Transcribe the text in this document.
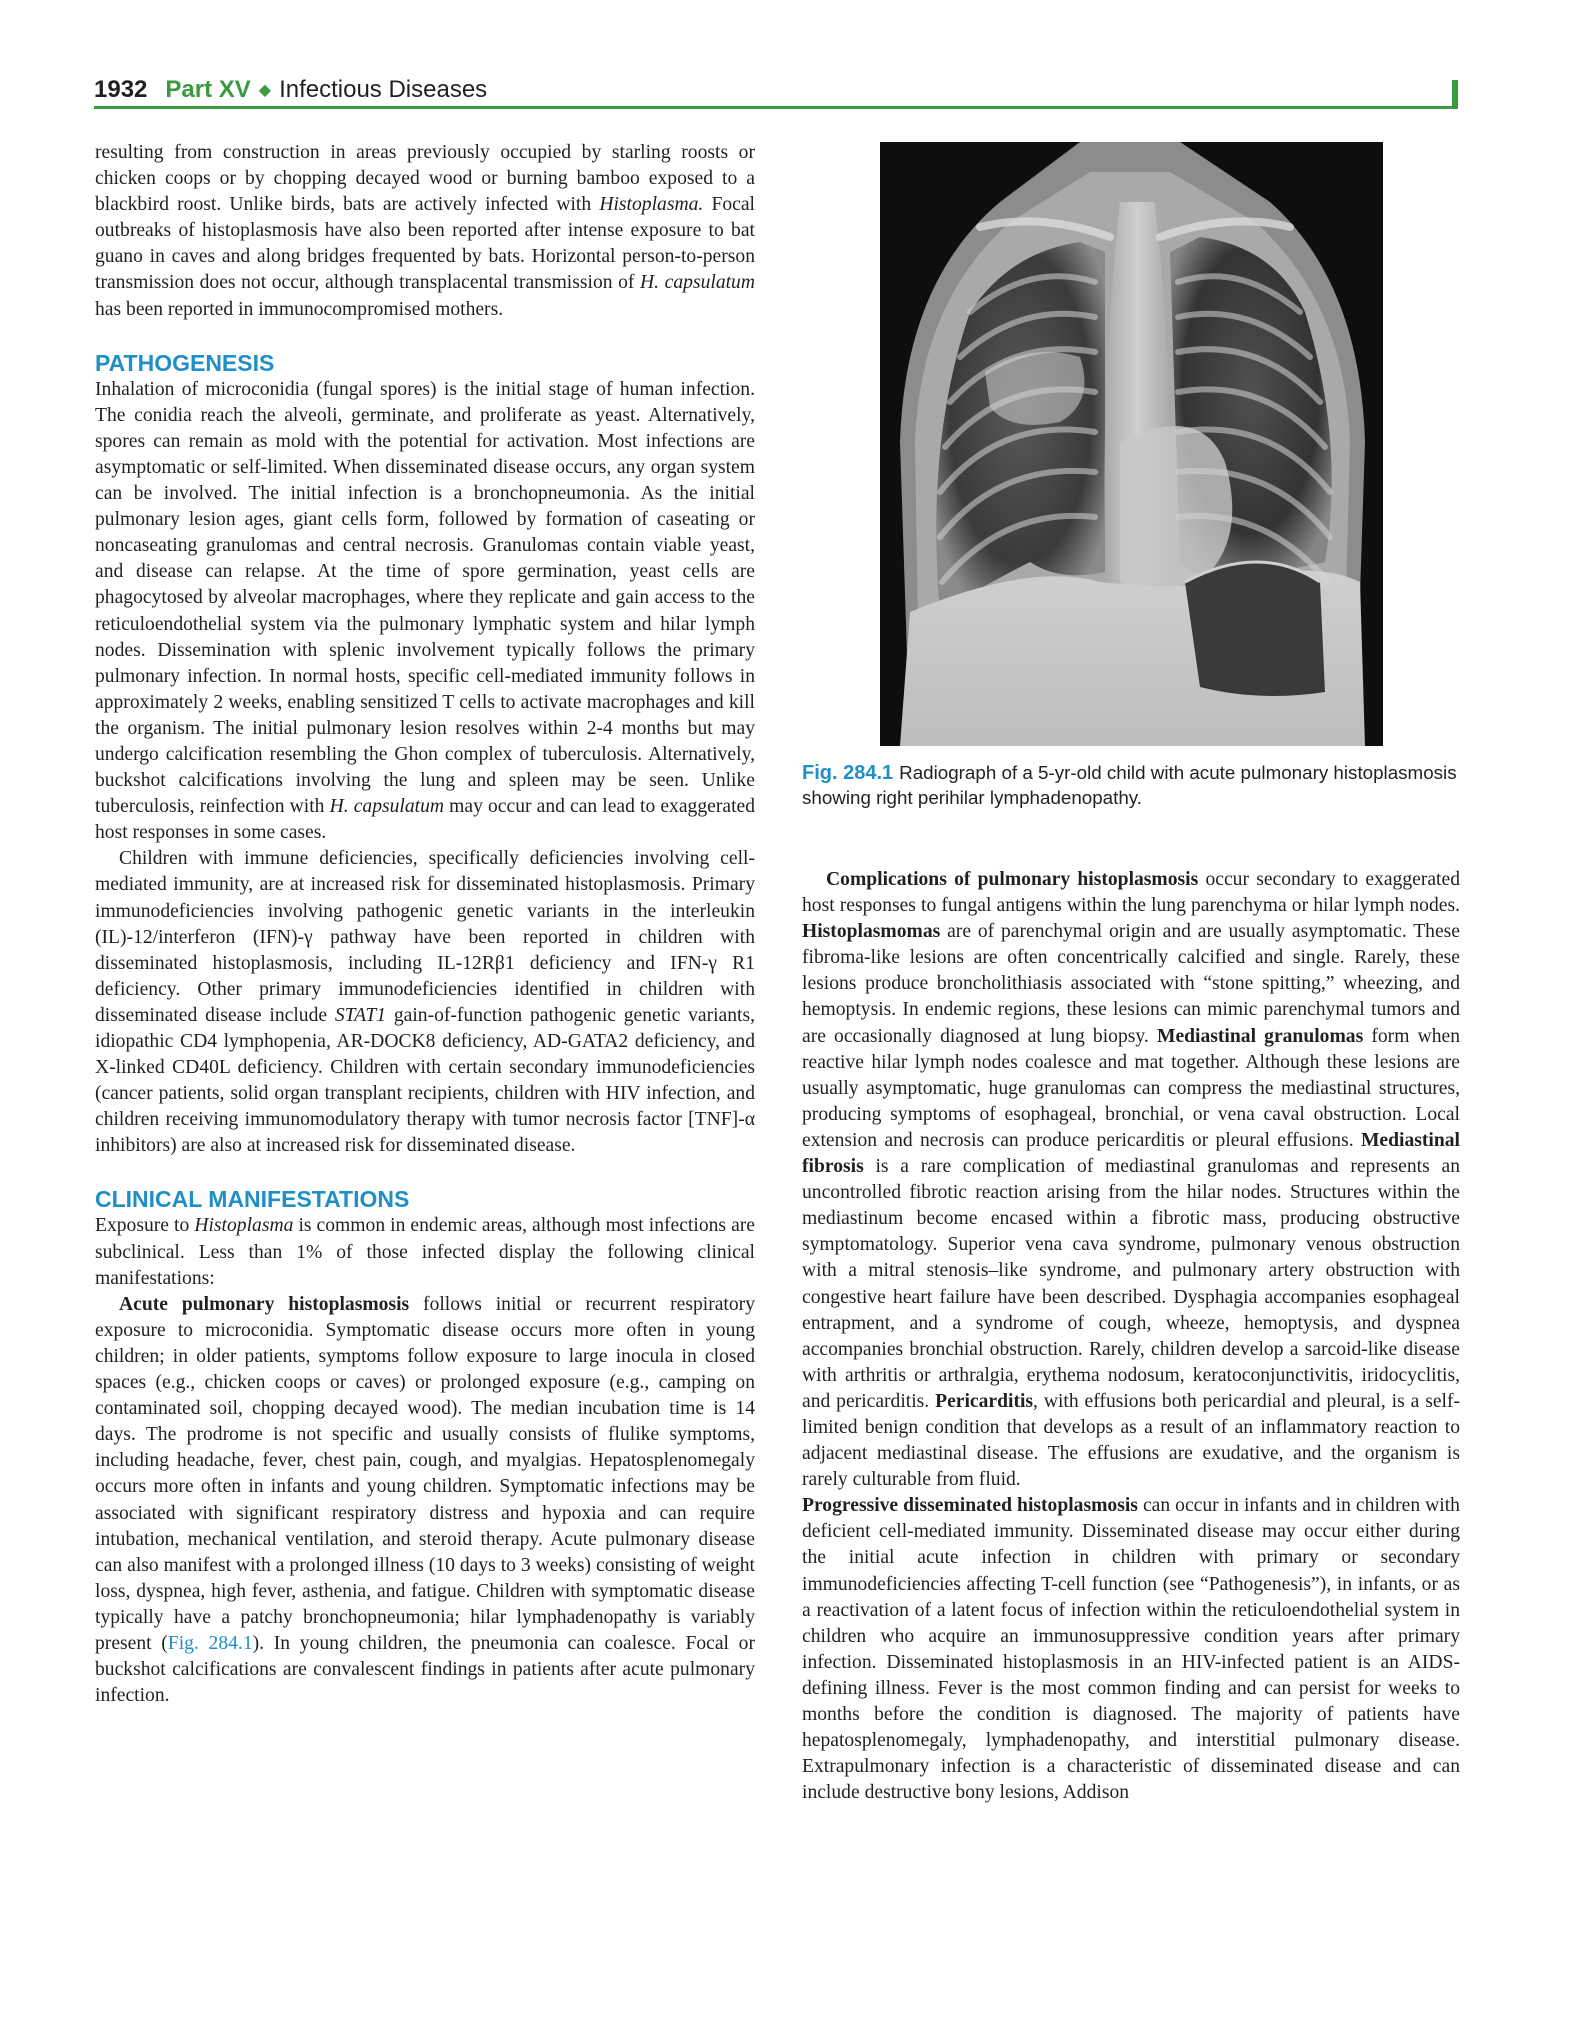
1932 Part XV ◆ Infectious Diseases

resulting from construction in areas previously occupied by starling roosts or chicken coops or by chopping decayed wood or burning bamboo exposed to a blackbird roost. Unlike birds, bats are actively infected with Histoplasma. Focal outbreaks of histoplasmosis have also been reported after intense exposure to bat guano in caves and along bridges frequented by bats. Horizontal person-to-person transmission does not occur, although transplacental transmission of H. capsulatum has been reported in immunocompromised mothers.

PATHOGENESIS

Inhalation of microconidia (fungal spores) is the initial stage of human infection. The conidia reach the alveoli, germinate, and proliferate as yeast. Alternatively, spores can remain as mold with the potential for activation. Most infections are asymptomatic or self-limited. When disseminated disease occurs, any organ system can be involved. The initial infection is a bronchopneumonia. As the initial pulmonary lesion ages, giant cells form, followed by formation of caseating or noncaseating granulomas and central necrosis. Granulomas contain viable yeast, and disease can relapse. At the time of spore germination, yeast cells are phagocytosed by alveolar macrophages, where they replicate and gain access to the reticuloendothelial system via the pulmonary lymphatic system and hilar lymph nodes. Dissemination with splenic involvement typically follows the primary pulmonary infection. In normal hosts, specific cell-mediated immunity follows in approximately 2 weeks, enabling sensitized T cells to activate macrophages and kill the organism. The initial pulmonary lesion resolves within 2-4 months but may undergo calcification resembling the Ghon complex of tuberculosis. Alternatively, buckshot calcifications involving the lung and spleen may be seen. Unlike tuberculosis, reinfection with H. capsulatum may occur and can lead to exaggerated host responses in some cases.

Children with immune deficiencies, specifically deficiencies involving cell-mediated immunity, are at increased risk for disseminated histoplasmosis. Primary immunodeficiencies involving pathogenic genetic variants in the interleukin (IL)-12/interferon (IFN)-γ pathway have been reported in children with disseminated histoplasmosis, including IL-12Rβ1 deficiency and IFN-γ R1 deficiency. Other primary immunodeficiencies identified in children with disseminated disease include STAT1 gain-of-function pathogenic genetic variants, idiopathic CD4 lymphopenia, AR-DOCK8 deficiency, AD-GATA2 deficiency, and X-linked CD40L deficiency. Children with certain secondary immunodeficiencies (cancer patients, solid organ transplant recipients, children with HIV infection, and children receiving immunomodulatory therapy with tumor necrosis factor [TNF]-α inhibitors) are also at increased risk for disseminated disease.

CLINICAL MANIFESTATIONS

Exposure to Histoplasma is common in endemic areas, although most infections are subclinical. Less than 1% of those infected display the following clinical manifestations:

Acute pulmonary histoplasmosis follows initial or recurrent respiratory exposure to microconidia. Symptomatic disease occurs more often in young children; in older patients, symptoms follow exposure to large inocula in closed spaces (e.g., chicken coops or caves) or prolonged exposure (e.g., camping on contaminated soil, chopping decayed wood). The median incubation time is 14 days. The prodrome is not specific and usually consists of flulike symptoms, including headache, fever, chest pain, cough, and myalgias. Hepatosplenomegaly occurs more often in infants and young children. Symptomatic infections may be associated with significant respiratory distress and hypoxia and can require intubation, mechanical ventilation, and steroid therapy. Acute pulmonary disease can also manifest with a prolonged illness (10 days to 3 weeks) consisting of weight loss, dyspnea, high fever, asthenia, and fatigue. Children with symptomatic disease typically have a patchy bronchopneumonia; hilar lymphadenopathy is variably present (Fig. 284.1). In young children, the pneumonia can coalesce. Focal or buckshot calcifications are convalescent findings in patients after acute pulmonary infection.

Fig. 284.1 Radiograph of a 5-yr-old child with acute pulmonary histoplasmosis showing right perihilar lymphadenopathy.

Complications of pulmonary histoplasmosis occur secondary to exaggerated host responses to fungal antigens within the lung parenchyma or hilar lymph nodes. Histoplasmomas are of parenchymal origin and are usually asymptomatic. These fibroma-like lesions are often concentrically calcified and single. Rarely, these lesions produce broncholithiasis associated with “stone spitting,” wheezing, and hemoptysis. In endemic regions, these lesions can mimic parenchymal tumors and are occasionally diagnosed at lung biopsy. Mediastinal granulomas form when reactive hilar lymph nodes coalesce and mat together. Although these lesions are usually asymptomatic, huge granulomas can compress the mediastinal structures, producing symptoms of esophageal, bronchial, or vena caval obstruction. Local extension and necrosis can produce pericarditis or pleural effusions. Mediastinal fibrosis is a rare complication of mediastinal granulomas and represents an uncontrolled fibrotic reaction arising from the hilar nodes. Structures within the mediastinum become encased within a fibrotic mass, producing obstructive symptomatology. Superior vena cava syndrome, pulmonary venous obstruction with a mitral stenosis–like syndrome, and pulmonary artery obstruction with congestive heart failure have been described. Dysphagia accompanies esophageal entrapment, and a syndrome of cough, wheeze, hemoptysis, and dyspnea accompanies bronchial obstruction. Rarely, children develop a sarcoid-like disease with arthritis or arthralgia, erythema nodosum, keratoconjunctivitis, iridocyclitis, and pericarditis. Pericarditis, with effusions both pericardial and pleural, is a self-limited benign condition that develops as a result of an inflammatory reaction to adjacent mediastinal disease. The effusions are exudative, and the organism is rarely culturable from fluid.

Progressive disseminated histoplasmosis can occur in infants and in children with deficient cell-mediated immunity. Disseminated disease may occur either during the initial acute infection in children with primary or secondary immunodeficiencies affecting T-cell function (see “Pathogenesis”), in infants, or as a reactivation of a latent focus of infection within the reticuloendothelial system in children who acquire an immunosuppressive condition years after primary infection. Disseminated histoplasmosis in an HIV-infected patient is an AIDS-defining illness. Fever is the most common finding and can persist for weeks to months before the condition is diagnosed. The majority of patients have hepatosplenomegaly, lymphadenopathy, and interstitial pulmonary disease. Extrapulmonary infection is a characteristic of disseminated disease and can include destructive bony lesions, Addison
